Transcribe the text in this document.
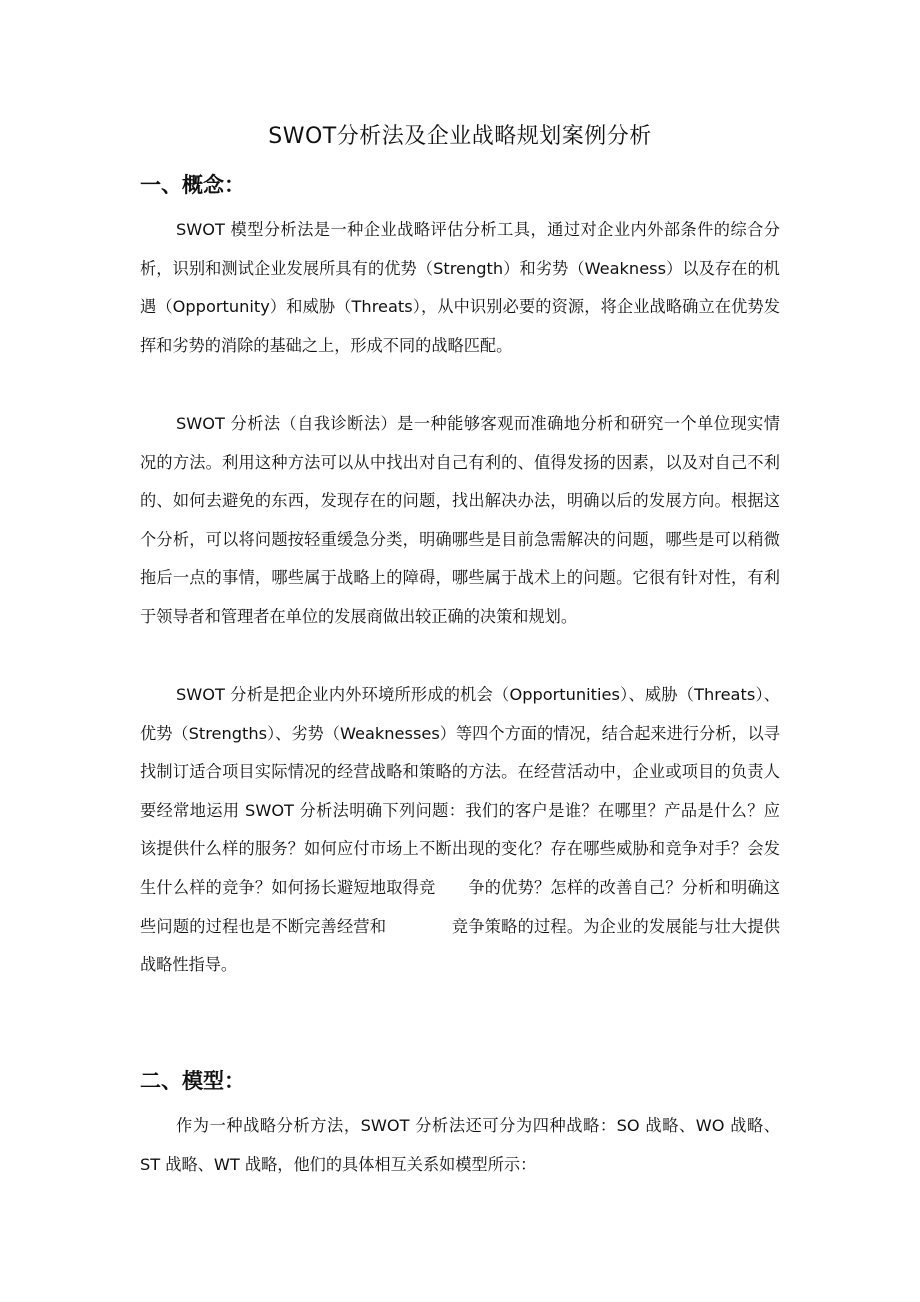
SWOT分析法及企业战略规划案例分析
一、概念：

SWOT 模型分析法是一种企业战略评估分析工具，通过对企业内外部条件的综合分析，识别和测试企业发展所具有的优势（Strength）和劣势（Weakness）以及存在的机遇（Opportunity）和威胁（Threats），从中识别必要的资源，将企业战略确立在优势发挥和劣势的消除的基础之上，形成不同的战略匹配。

SWOT 分析法（自我诊断法）是一种能够客观而准确地分析和研究一个单位现实情况的方法。利用这种方法可以从中找出对自己有利的、值得发扬的因素，以及对自己不利的、如何去避免的东西，发现存在的问题，找出解决办法，明确以后的发展方向。根据这个分析，可以将问题按轻重缓急分类，明确哪些是目前急需解决的问题，哪些是可以稍微拖后一点的事情，哪些属于战略上的障碍，哪些属于战术上的问题。它很有针对性，有利于领导者和管理者在单位的发展商做出较正确的决策和规划。

SWOT 分析是把企业内外环境所形成的机会（Opportunities）、威胁（Threats）、优势（Strengths）、劣势（Weaknesses）等四个方面的情况，结合起来进行分析，以寻找制订适合项目实际情况的经营战略和策略的方法。在经营活动中，企业或项目的负责人要经常地运用 SWOT 分析法明确下列问题：我们的客户是谁？在哪里？产品是什么？应该提供什么样的服务？如何应付市场上不断出现的变化？存在哪些威胁和竞争对手？会发生什么样的竞争？如何扬长避短地取得竞　　争的优势？怎样的改善自己？分析和明确这些问题的过程也是不断完善经营和　　　　竞争策略的过程。为企业的发展能与壮大提供战略性指导。

二、模型：

作为一种战略分析方法，SWOT 分析法还可分为四种战略：SO 战略、WO 战略、 ST 战略、WT 战略，他们的具体相互关系如模型所示：
